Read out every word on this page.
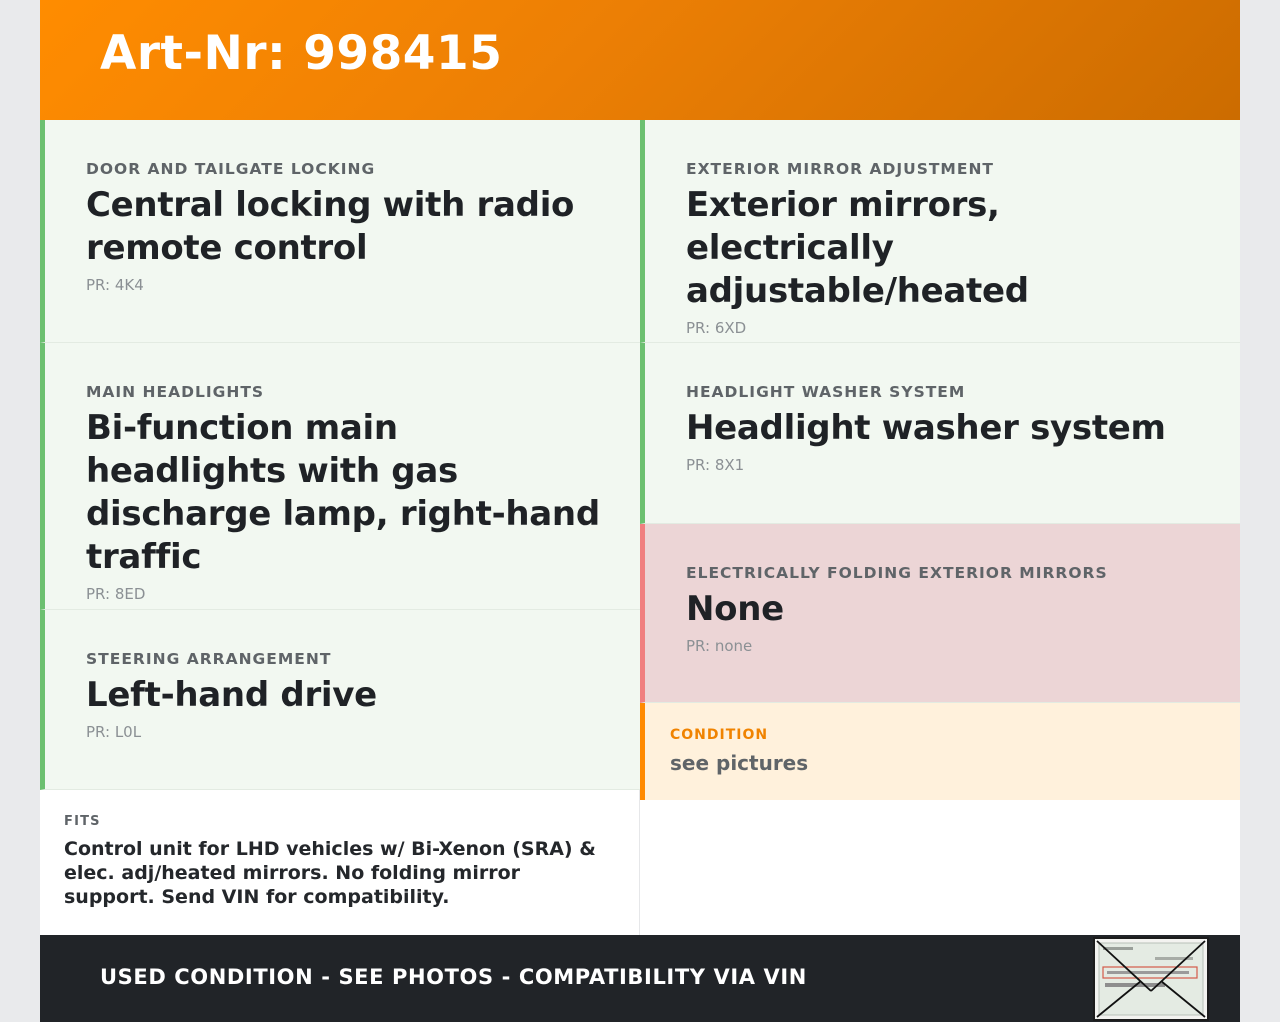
Art-Nr: 998415
DOOR AND TAILGATE LOCKING
Central locking with radio remote control
PR: 4K4
MAIN HEADLIGHTS
Bi-function main headlights with gas discharge lamp, right-hand traffic
PR: 8ED
STEERING ARRANGEMENT
Left-hand drive
PR: L0L
EXTERIOR MIRROR ADJUSTMENT
Exterior mirrors, electrically adjustable/heated
PR: 6XD
HEADLIGHT WASHER SYSTEM
Headlight washer system
PR: 8X1
ELECTRICALLY FOLDING EXTERIOR MIRRORS
None
PR: none
CONDITION
see pictures
FITS
Control unit for LHD vehicles w/ Bi-Xenon (SRA) & elec. adj/heated mirrors. No folding mirror support. Send VIN for compatibility.
USED CONDITION - SEE PHOTOS - COMPATIBILITY VIA VIN
